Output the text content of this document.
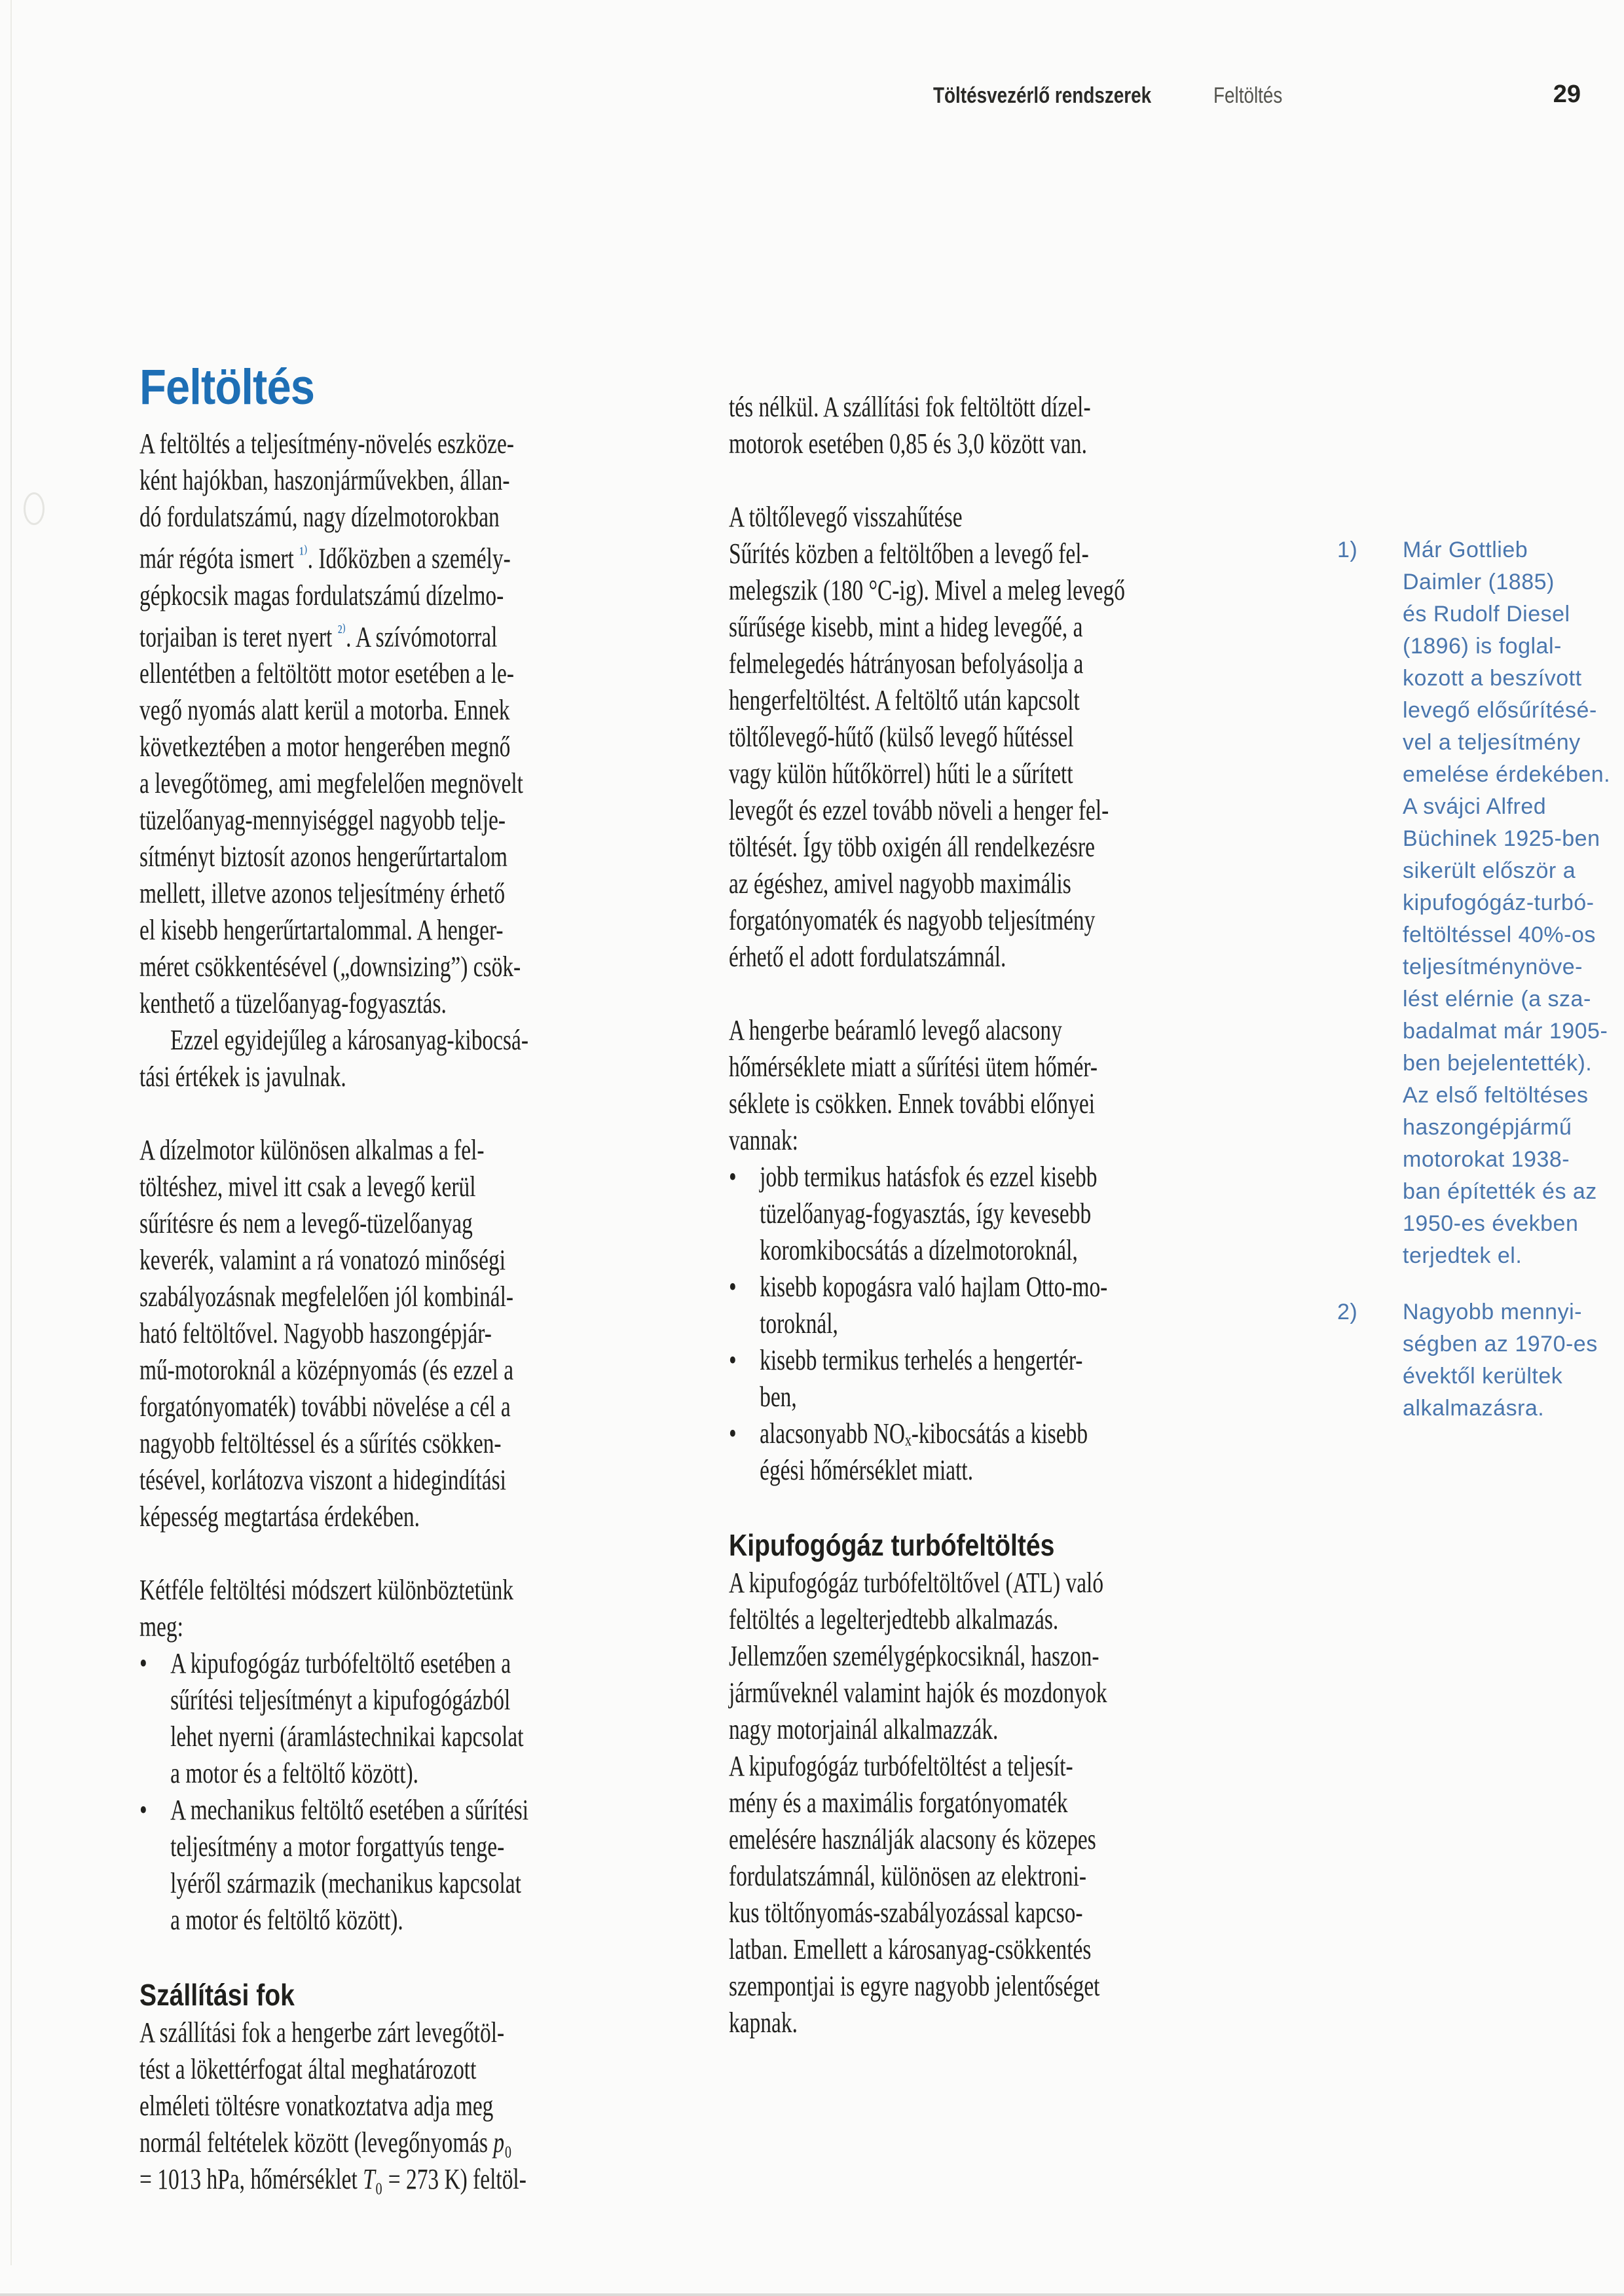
Töltésvezérlő rendszerek	Feltöltés	29
Feltöltés
A feltöltés a teljesítmény-növelés eszköze-
ként hajókban, haszonjárművekben, állan-
dó fordulatszámú, nagy dízelmotorokban
már régóta ismert $^{^{1)}}$. Időközben a személy-
gépkocsik magas fordulatszámú dízelmo-
torjaiban is teret nyert $^{^{2)}}$. A szívómotorral
ellentétben a feltöltött motor esetében a le-
vegő nyomás alatt kerül a motorba. Ennek
következtében a motor hengerében megnő
a levegőtömeg, ami megfelelően megnövelt
tüzelőanyag-mennyiséggel nagyobb telje-
sítményt biztosít azonos hengerűrtartalom
mellett, illetve azonos teljesítmény érhető
el kisebb hengerűrtartalommal. A henger-
méret csökkentésével („downsizing”) csök-
kenthető a tüzelőanyag-fogyasztás.
Ezzel egyidejűleg a károsanyag-kibocsá-
tási értékek is javulnak.
A dízelmotor különösen alkalmas a fel-
töltéshez, mivel itt csak a levegő kerül
sűrítésre és nem a levegő-tüzelőanyag
keverék, valamint a rá vonatozó minőségi
szabályozásnak megfelelően jól kombinál-
ható feltöltővel. Nagyobb haszongépjár-
mű-motoroknál a középnyomás (és ezzel a
forgatónyomaték) további növelése a cél a
nagyobb feltöltéssel és a sűrítés csökken-
tésével, korlátozva viszont a hidegindítási
képesség megtartása érdekében.
Kétféle feltöltési módszert különböztetünk
meg:
• A kipufogógáz turbófeltöltő esetében a
sűrítési teljesítményt a kipufogógázból
lehet nyerni (áramlástechnikai kapcsolat
a motor és a feltöltő között).
• A mechanikus feltöltő esetében a sűrítési
teljesítmény a motor forgattyús tenge-
lyéről származik (mechanikus kapcsolat
a motor és feltöltő között).
Szállítási fok
A szállítási fok a hengerbe zárt levegőtöl-
tést a lökettérfogat által meghatározott
elméleti töltésre vonatkoztatva adja meg
normál feltételek között (levegőnyomás p₀
= 1013 hPa, hőmérséklet T₀ = 273 K) feltöl-
tés nélkül. A szállítási fok feltöltött dízel-
motorok esetében 0,85 és 3,0 között van.
A töltőlevegő visszahűtése
Sűrítés közben a feltöltőben a levegő fel-
melegszik (180 °C-ig). Mivel a meleg levegő
sűrűsége kisebb, mint a hideg levegőé, a
felmelegedés hátrányosan befolyásolja a
hengerfeltöltést. A feltöltő után kapcsolt
töltőlevegő-hűtő (külső levegő hűtéssel
vagy külön hűtőkörrel) hűti le a sűrített
levegőt és ezzel tovább növeli a henger fel-
töltését. Így több oxigén áll rendelkezésre
az égéshez, amivel nagyobb maximális
forgatónyomaték és nagyobb teljesítmény
érhető el adott fordulatszámnál.
A hengerbe beáramló levegő alacsony
hőmérséklete miatt a sűrítési ütem hőmér-
séklete is csökken. Ennek további előnyei
vannak:
• jobb termikus hatásfok és ezzel kisebb
tüzelőanyag-fogyasztás, így kevesebb
koromkibocsátás a dízelmotoroknál,
• kisebb kopogásra való hajlam Otto-mo-
toroknál,
• kisebb termikus terhelés a hengertér-
ben,
• alacsonyabb NOₓ-kibocsátás a kisebb
égési hőmérséklet miatt.
Kipufogógáz turbófeltöltés
A kipufogógáz turbófeltöltővel (ATL) való
feltöltés a legelterjedtebb alkalmazás.
Jellemzően személygépkocsiknál, haszon-
járműveknél valamint hajók és mozdonyok
nagy motorjainál alkalmazzák.
A kipufogógáz turbófeltöltést a teljesít-
mény és a maximális forgatónyomaték
emelésére használják alacsony és közepes
fordulatszámnál, különösen az elektroni-
kus töltőnyomás-szabályozással kapcso-
latban. Emellett a károsanyag-csökkentés
szempontjai is egyre nagyobb jelentőséget
kapnak.
1) Már Gottlieb
Daimler (1885)
és Rudolf Diesel
(1896) is foglal-
kozott a beszívott
levegő elősűrítésé-
vel a teljesítmény
emelése érdekében.
A svájci Alfred
Büchinek 1925-ben
sikerült először a
kipufogógáz-turbó-
feltöltéssel 40%-os
teljesítménynöve-
lést elérnie (a sza-
badalmat már 1905-
ben bejelentették).
Az első feltöltéses
haszongépjármű
motorokat 1938-
ban építették és az
1950-es években
terjedtek el.
2) Nagyobb mennyi-
ségben az 1970-es
évektől kerültek
alkalmazásra.
